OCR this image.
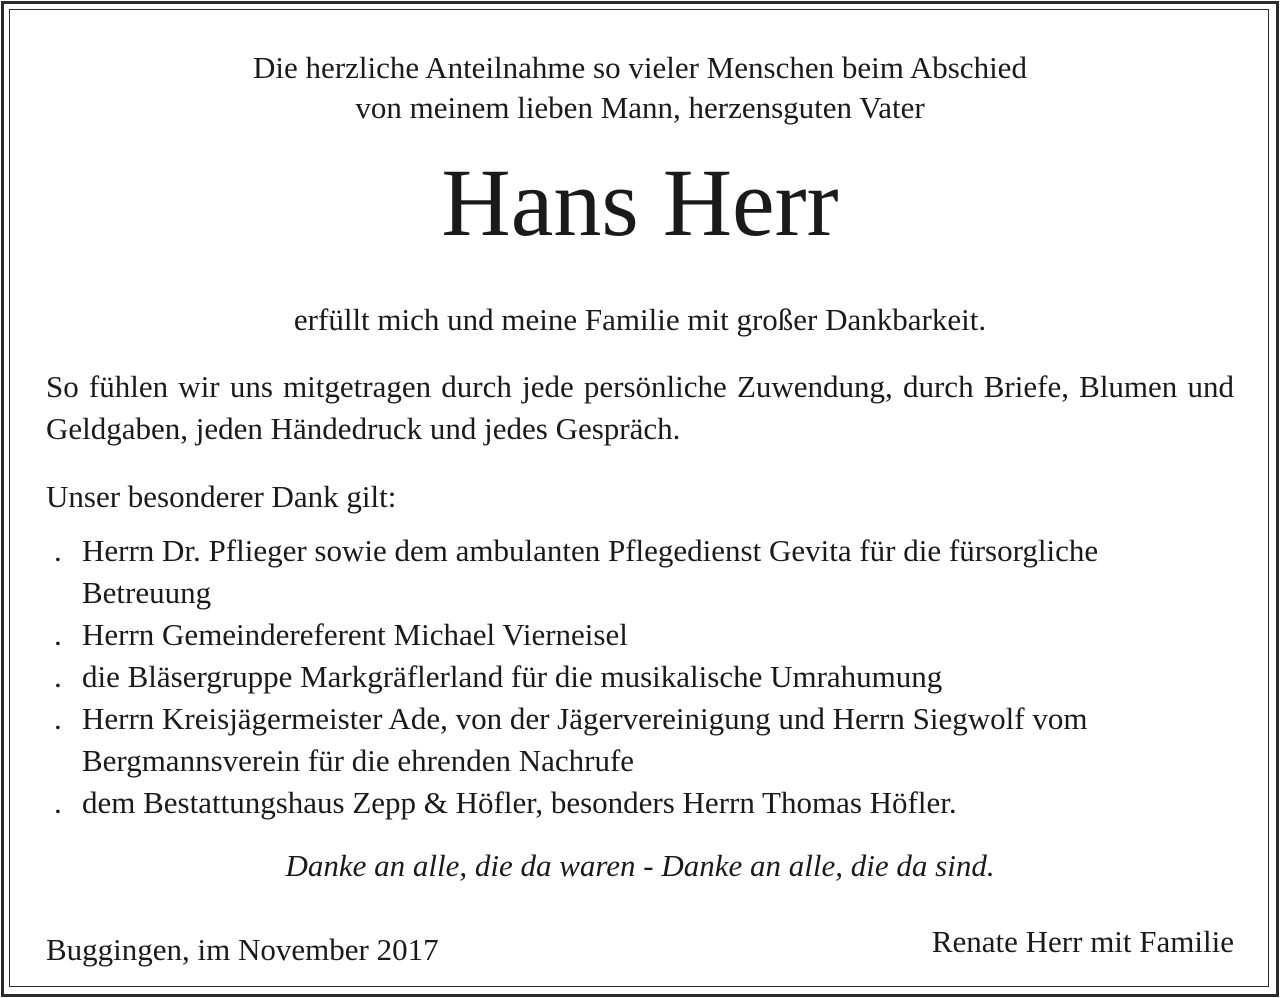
Die herzliche Anteilnahme so vieler Menschen beim Abschied
von meinem lieben Mann, herzensguten Vater

Hans Herr

erfüllt mich und meine Familie mit großer Dankbarkeit.

So fühlen wir uns mitgetragen durch jede persönliche Zuwendung, durch Briefe, Blumen und Geldgaben, jeden Händedruck und jedes Gespräch.

Unser besonderer Dank gilt:

. Herrn Dr. Pflieger sowie dem ambulanten Pflegedienst Gevita für die fürsorgliche Betreuung
. Herrn Gemeindereferent Michael Vierneisel
. die Bläsergruppe Markgräflerland für die musikalische Umrahumung
. Herrn Kreisjägermeister Ade, von der Jägervereinigung und Herrn Siegwolf vom Bergmannsverein für die ehrenden Nachrufe
. dem Bestattungshaus Zepp & Höfler, besonders Herrn Thomas Höfler.

Danke an alle, die da waren - Danke an alle, die da sind.

Buggingen, im November 2017	Renate Herr mit Familie
